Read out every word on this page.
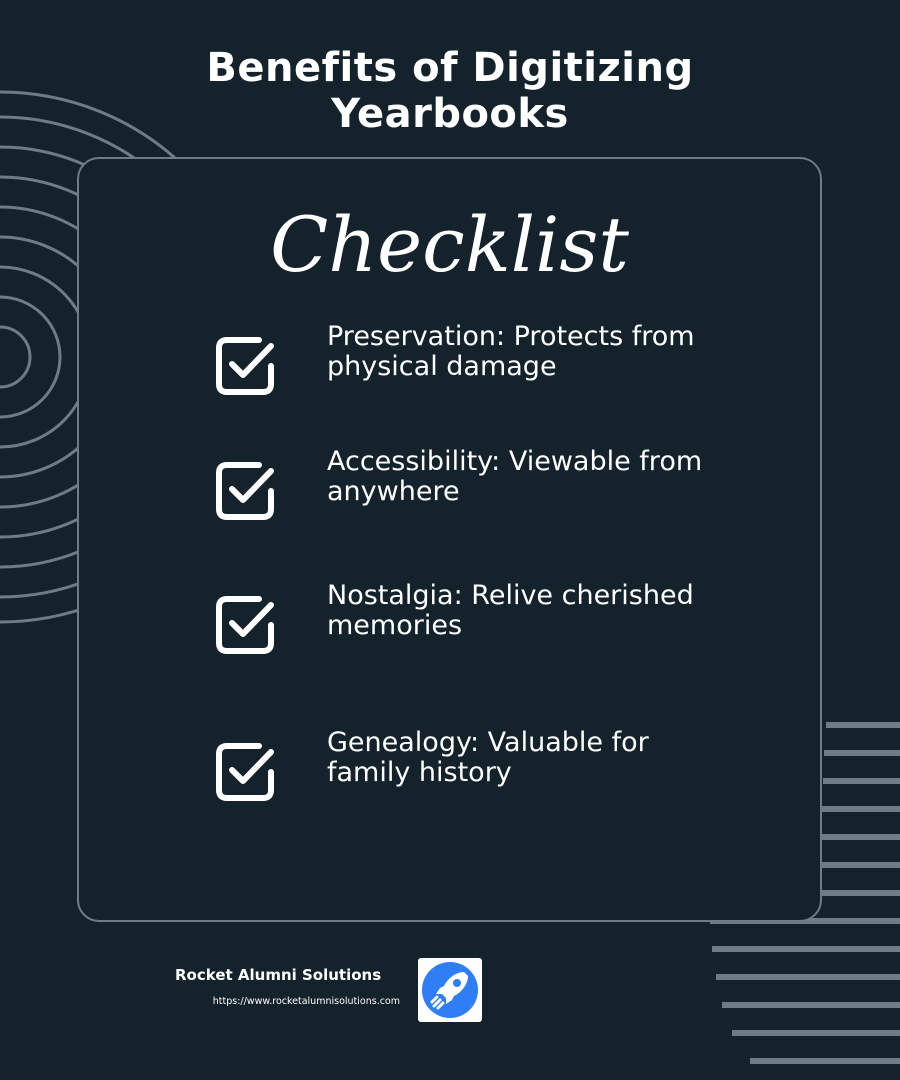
Benefits of Digitizing
Yearbooks
Checklist
Preservation: Protects from
physical damage
Accessibility: Viewable from
anywhere
Nostalgia: Relive cherished
memories
Genealogy: Valuable for
family history
Rocket Alumni Solutions
https://www.rocketalumnisolutions.com
